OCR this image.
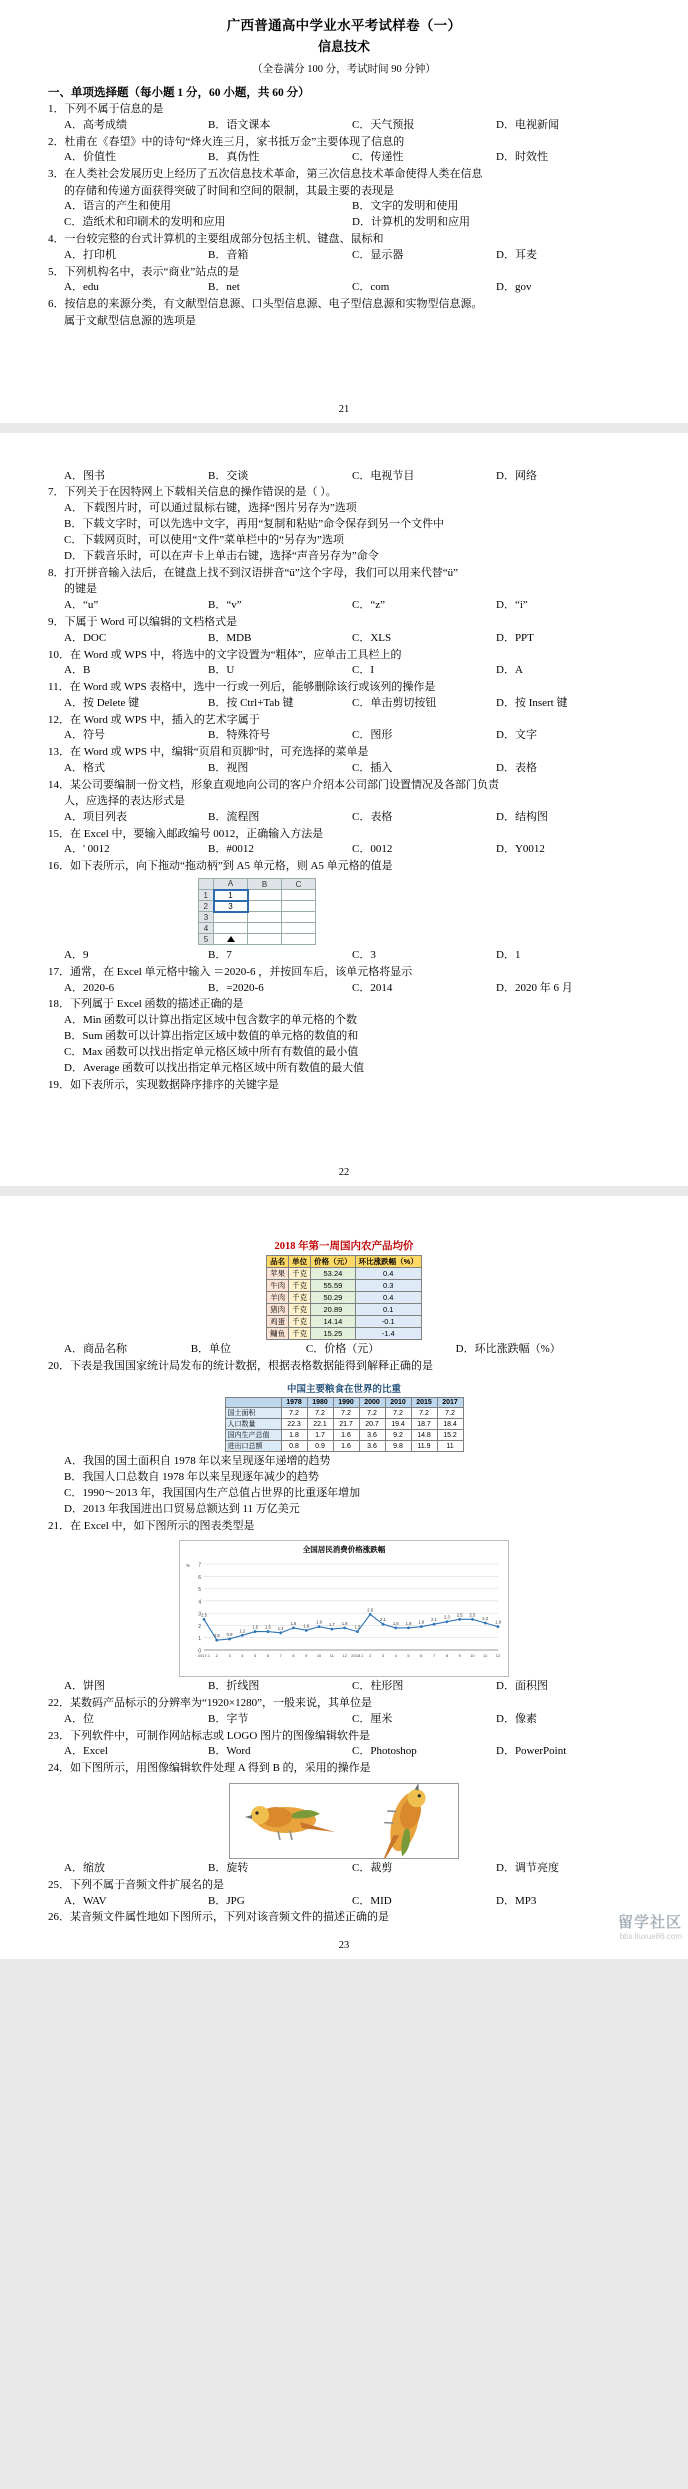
广西普通高中学业水平考试样卷（一）
信息技术
（全卷满分 100 分，考试时间 90 分钟）
一、单项选择题（每小题 1 分，60 小题，共 60 分）
1．下列不属于信息的是
A．高考成绩	B．语文课本	C．天气预报	D．电视新闻
2．杜甫在《春望》中的诗句“烽火连三月，家书抵万金”主要体现了信息的
A．价值性	B．真伪性	C．传递性	D．时效性
3．在人类社会发展历史上经历了五次信息技术革命，第三次信息技术革命使得人类在信息
的存储和传递方面获得突破了时间和空间的限制，其最主要的表现是
A．语言的产生和使用	B．文字的发明和使用
C．造纸术和印刷术的发明和应用	D．计算机的发明和应用
4．一台较完整的台式计算机的主要组成部分包括主机、键盘、鼠标和
A．打印机	B．音箱	C．显示器	D．耳麦
5．下列机构名中，表示“商业”站点的是
A．edu	B．net	C．com	D．gov
6．按信息的来源分类，有文献型信息源、口头型信息源、电子型信息源和实物型信息源。
属于文献型信息源的选项是
21
A．图书	B．交谈	C．电视节目	D．网络
7．下列关于在因特网上下载相关信息的操作错误的是（ ）。
A．下载图片时，可以通过鼠标右键，选择“图片另存为”选项
B．下载文字时，可以先选中文字，再用“复制和粘贴”命令保存到另一个文件中
C．下载网页时，可以使用“文件”菜单栏中的“另存为”选项
D．下载音乐时，可以在声卡上单击右键，选择“声音另存为”命令
8．打开拼音输入法后，在键盘上找不到汉语拼音“ü”这个字母，我们可以用来代替“ü”
的键是
A．“u”	B．“v”	C．“z”	D．“i”
9．下属于 Word 可以编辑的文档格式是
A．DOC	B．MDB	C．XLS	D．PPT
10．在 Word 或 WPS 中，将选中的文字设置为“粗体”，应单击工具栏上的
A．B	B．U	C．I	D．A
11．在 Word 或 WPS 表格中，选中一行或一列后，能够删除该行或该列的操作是
A．按 Delete 键	B．按 Ctrl+Tab 键	C．单击剪切按钮	D．按 Insert 键
12．在 Word 或 WPS 中，插入的艺术字属于
A．符号	B．特殊符号	C．图形	D．文字
13．在 Word 或 WPS 中，编辑“页眉和页脚”时，可充选择的菜单是
A．格式	B．视图	C．插入	D．表格
14．某公司要编制一份文档，形象直观地向公司的客户介绍本公司部门设置情况及各部门负责
人，应选择的表达形式是
A．项目列表	B．流程图	C．表格	D．结构图
15．在 Excel 中，要输入邮政编号 0012，正确输入方法是
A．' 0012	B．#0012	C．0012	D．Y0012
16．如下表所示，向下拖动“拖动柄”到 A5 单元格，则 A5 单元格的值是
	A	B	C
1	1		
2	3		
3			
4			
5			
A．9	B．7	C．3	D．1
17．通常，在 Excel 单元格中输入 ＝2020-6 ，并按回车后，该单元格将显示
A．2020-6	B．=2020-6	C．2014	D．2020 年 6 月
18．下列属于 Excel 函数的描述正确的是
A．Min 函数可以计算出指定区域中包含数字的单元格的个数
B．Sum 函数可以计算出指定区域中数值的单元格的数值的和
C．Max 函数可以找出指定单元格区域中所有有数值的最小值
D．Average 函数可以找出指定单元格区域中所有数值的最大值
19．如下表所示，实现数据降序排序的关键字是
22
2018 年第一周国内农产品均价
品名	单位	价格（元）	环比涨跌幅（%）
苹果	千克	53.24	0.4
牛肉	千克	55.59	0.3
羊肉	千克	50.29	0.4
猪肉	千克	20.89	0.1
鸡蛋	千克	14.14	-0.1
鳙鱼	千克	15.25	-1.4
A．商品名称	B．单位	C．价格（元）	D．环比涨跌幅（%）
20．下表是我国国家统计局发布的统计数据，根据表格数据能得到解释正确的是
中国主要粮食在世界的比重
	1978	1980	1990	2000	2010	2015	2017
国土面积	7.2	7.2	7.2	7.2	7.2	7.2	7.2
人口数量	22.3	22.1	21.7	20.7	19.4	18.7	18.4
国内生产总值	1.8	1.7	1.6	3.6	9.2	14.8	15.2
进出口总额	0.8	0.9	1.6	3.6	9.8	11.9	11
A．我国的国土面积自 1978 年以来呈现逐年递增的趋势
B．我国人口总数自 1978 年以来呈现逐年减少的趋势
C．1990～2013 年，我国国内生产总值占世界的比重逐年增加
D．2013 年我国进出口贸易总额达到 11 万亿美元
21．在 Excel 中，如下图所示的图表类型是
全国居民消费价格涨跌幅
0
1
2
3
4
5
6
7
2.5
2017.1
0.8
2
0.9
3
1.2
4
1.5
5
1.5
6
1.4
7
1.8
8
1.6
9
1.9
10
1.7
11
1.8
12
1.5
2018.1
2.9
2
2.1
3
1.8
4
1.8
5
1.9
6
2.1
7
2.3
8
2.5
9
2.5
10
2.2
11
1.9
12
%
A．饼图	B．折线图	C．柱形图	D．面积图
22．某数码产品标示的分辨率为“1920×1280”，一般来说，其单位是
A．位	B．字节	C．厘米	D．像素
23．下列软件中，可制作网站标志或 LOGO 图片的图像编辑软件是
A．Excel	B．Word	C．Photoshop	D．PowerPoint
24．如下图所示，用图像编辑软件处理 A 得到 B 的，采用的操作是
A．缩放	B．旋转	C．裁剪	D．调节亮度
25．下列不属于音频文件扩展名的是
A．WAV	B．JPG	C．MID	D．MP3
26．某音频文件属性地如下图所示，下列对该音频文件的描述正确的是	留学社区
bbs.liuxue86.com
23
